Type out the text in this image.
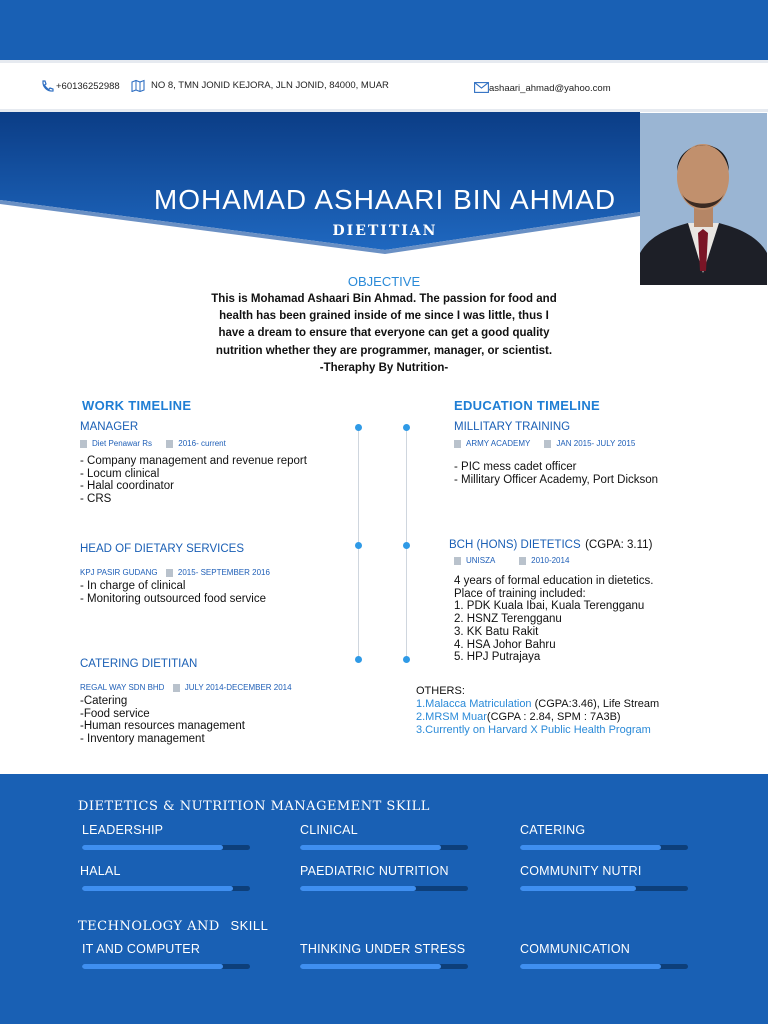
+60136252988	NO 8, TMN JONID KEJORA, JLN JONID, 84000, MUAR	ashaari_ahmad@yahoo.com
MOHAMAD ASHAARI BIN AHMAD
DIETITIAN
OBJECTIVE
This is Mohamad Ashaari Bin Ahmad. The passion for food and
health has been grained inside of me since I was little, thus I
have a dream to ensure that everyone can get a good quality
nutrition whether they are programmer, manager, or scientist.
-Theraphy By Nutrition-
WORK TIMELINE
MANAGER
Diet Penawar Rs	2016- current
- Company management and revenue report
- Locum clinical
- Halal coordinator
- CRS
HEAD OF DIETARY SERVICES
KPJ PASIR GUDANG	2015- SEPTEMBER 2016
- In charge of clinical
- Monitoring outsourced food service
CATERING DIETITIAN
REGAL WAY SDN BHD	JULY 2014-DECEMBER 2014
-Catering
-Food service
-Human resources management
- Inventory management
EDUCATION TIMELINE
MILLITARY TRAINING
ARMY ACADEMY	JAN 2015- JULY 2015
- PIC mess cadet officer
- Millitary Officer Academy, Port Dickson
BCH (HONS) DIETETICS (CGPA: 3.11)
UNISZA	2010-2014
4 years of formal education in dietetics.
Place of training included:
1. PDK Kuala Ibai, Kuala Terengganu
2. HSNZ Terengganu
3. KK Batu Rakit
4. HSA Johor Bahru
5. HPJ Putrajaya
OTHERS:
1.Malacca Matriculation (CGPA:3.46), Life Stream
2.MRSM Muar(CGPA : 2.84, SPM : 7A3B)
3.Currently on Harvard X Public Health Program
DIETETICS & NUTRITION MANAGEMENT SKILL
LEADERSHIP	CLINICAL	CATERING
HALAL	PAEDIATRIC NUTRITION	COMMUNITY NUTRI
TECHNOLOGY AND SKILL
IT AND COMPUTER	THINKING UNDER STRESS	COMMUNICATION
